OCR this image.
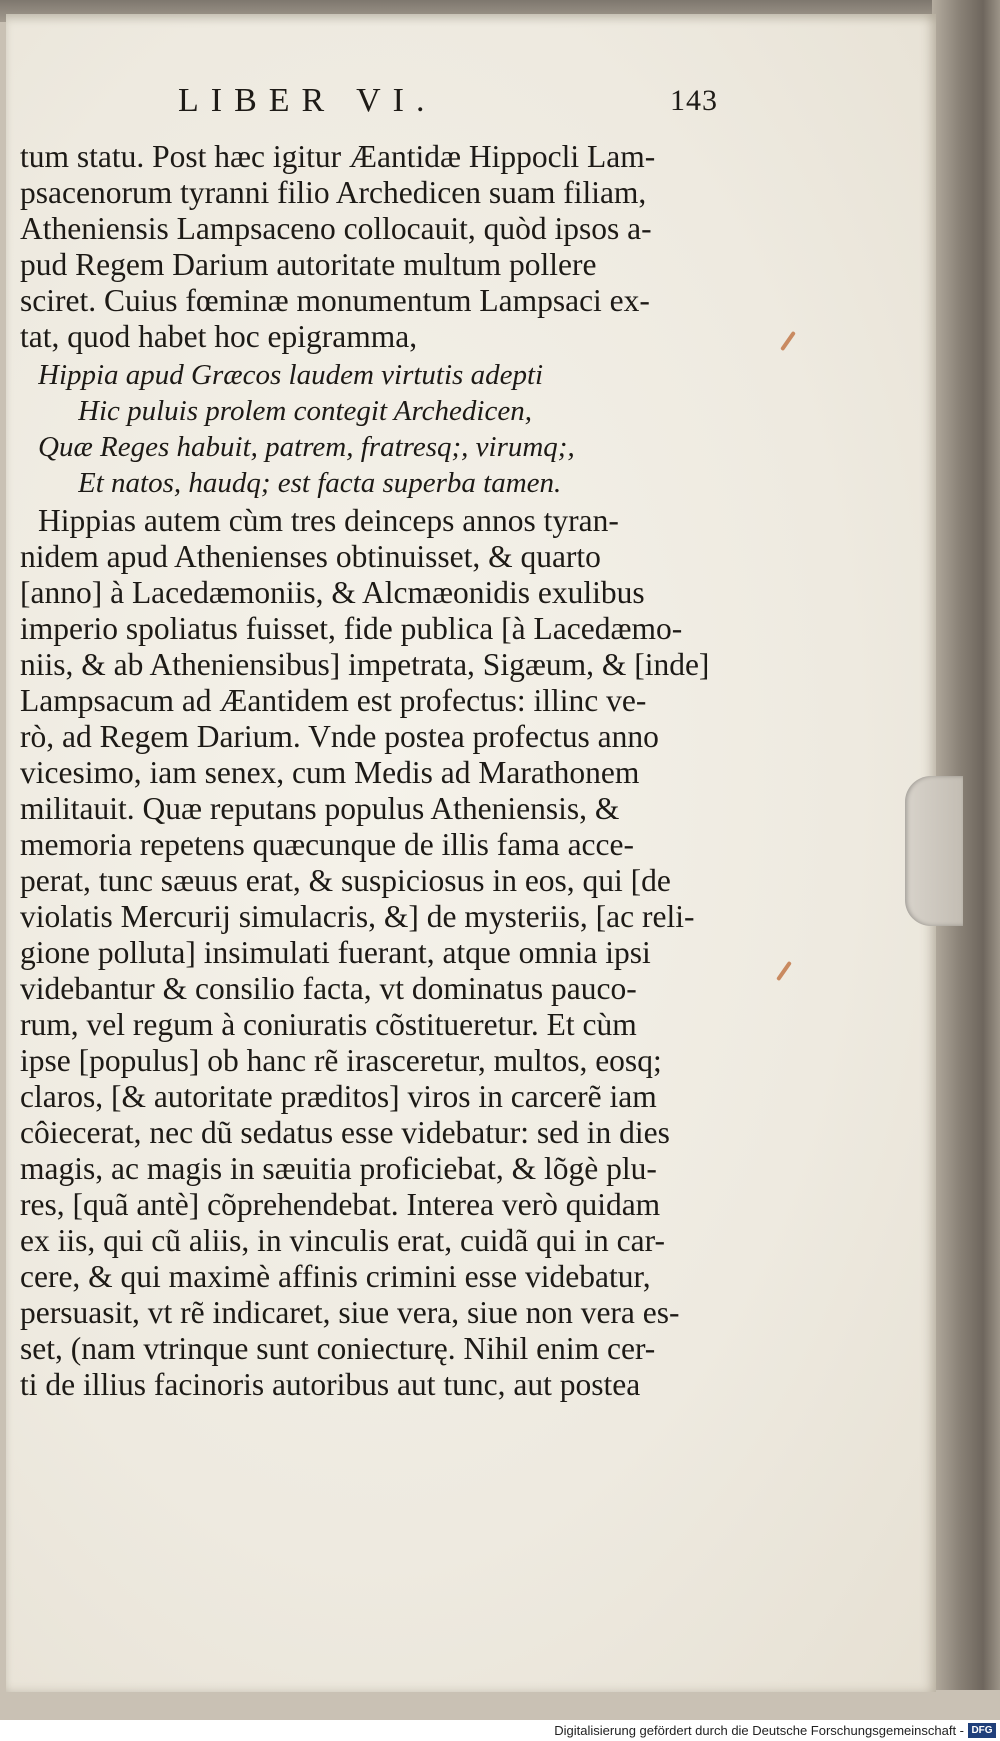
LIBER VI.	143
tum statu. Post hæc igitur Æantidæ Hippocli Lam-
psacenorum tyranni filio Archedicen suam filiam,
Atheniensis Lampsaceno collocauit, quòd ipsos a-
pud Regem Darium autoritate multum pollere
sciret. Cuius fœminæ monumentum Lampsaci ex-
tat, quod habet hoc epigramma,
Hippia apud Græcos laudem virtutis adepti
Hic puluis prolem contegit Archedicen,
Quæ Reges habuit, patrem, fratresq;, virumq;,
Et natos, haudq; est facta superba tamen.
Hippias autem cùm tres deinceps annos tyran-
nidem apud Athenienses obtinuisset, & quarto
[anno] à Lacedæmoniis, & Alcmæonidis exulibus
imperio spoliatus fuisset, fide publica [à Lacedæmo-
niis, & ab Atheniensibus] impetrata, Sigæum, & [inde]
Lampsacum ad Æantidem est profectus: illinc ve-
rò, ad Regem Darium. Vnde postea profectus anno
vicesimo, iam senex, cum Medis ad Marathonem
militauit. Quæ reputans populus Atheniensis, &
memoria repetens quæcunque de illis fama acce-
perat, tunc sæuus erat, & suspiciosus in eos, qui [de
violatis Mercurij simulacris, &] de mysteriis, [ac reli-
gione polluta] insimulati fuerant, atque omnia ipsi
videbantur & consilio facta, vt dominatus pauco-
rum, vel regum à coniuratis cõstitueretur. Et cùm
ipse [populus] ob hanc rẽ irasceretur, multos, eosq;
claros, [& autoritate præditos] viros in carcerẽ iam
côiecerat, nec dũ sedatus esse videbatur: sed in dies
magis, ac magis in sæuitia proficiebat, & lõgè plu-
res, [quã antè] cõprehendebat. Interea verò quidam
ex iis, qui cũ aliis, in vinculis erat, cuidã qui in car-
cere, & qui maximè affinis crimini esse videbatur,
persuasit, vt rẽ indicaret, siue vera, siue non vera es-
set, (nam vtrinque sunt coniecturę. Nihil enim cer-
ti de illius facinoris autoribus aut tunc, aut postea
Digitalisierung gefördert durch die Deutsche Forschungsgemeinschaft - DFG
